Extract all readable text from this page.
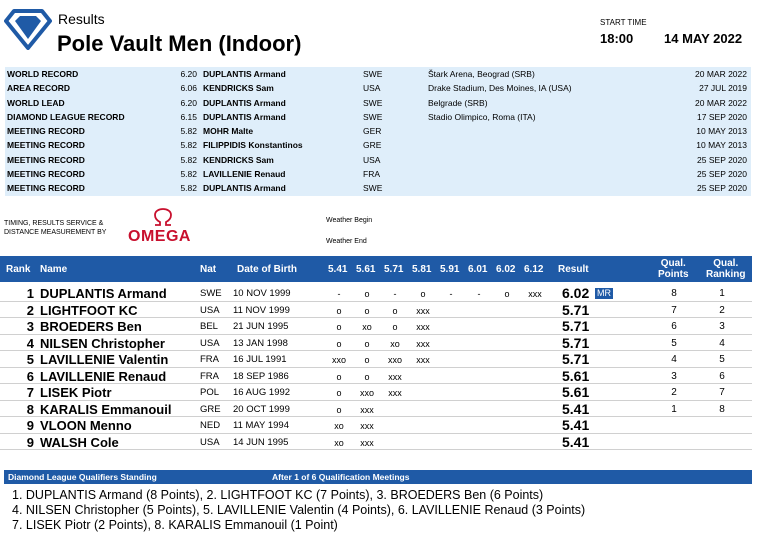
Results
Pole Vault Men (Indoor)
START TIME
18:00 14 MAY 2022
WORLD RECORD	6.20 DUPLANTIS Armand	SWE	Štark Arena, Beograd (SRB)	20 MAR 2022
AREA RECORD	6.06 KENDRICKS Sam	USA	Drake Stadium, Des Moines, IA (USA)	27 JUL 2019
WORLD LEAD	6.20 DUPLANTIS Armand	SWE	Belgrade (SRB)	20 MAR 2022
DIAMOND LEAGUE RECORD	6.15 DUPLANTIS Armand	SWE	Stadio Olimpico, Roma (ITA)	17 SEP 2020
MEETING RECORD	5.82 MOHR Malte	GER	10 MAY 2013
MEETING RECORD	5.82 FILIPPIDIS Konstantinos	GRE	10 MAY 2013
MEETING RECORD	5.82 KENDRICKS Sam	USA	25 SEP 2020
MEETING RECORD	5.82 LAVILLENIE Renaud	FRA	25 SEP 2020
MEETING RECORD	5.82 DUPLANTIS Armand	SWE	25 SEP 2020
TIMING, RESULTS SERVICE &
DISTANCE MEASUREMENT BY OMEGA
Weather Begin
Weather End
Rank Name	Nat Date of Birth	5.41 5.61 5.71 5.81 5.91 6.01 6.02 6.12 Result
Qual.
Points
Qual.
Ranking
1 DUPLANTIS Armand	SWE 10 NOV 1999	-	o	-	o	-	-	o	xxx	6.02 MR	8	1
2 LIGHTFOOT KC	USA 11 NOV 1999	o	o	o	xxx	5.71	7	2
3 BROEDERS Ben	BEL 21 JUN 1995	o	xo	o	xxx	5.71	6	3
4 NILSEN Christopher	USA 13 JAN 1998	o	o	xo	xxx	5.71	5	4
5 LAVILLENIE Valentin	FRA 16 JUL 1991	xxo	o	xxo	xxx	5.71	4	5
6 LAVILLENIE Renaud	FRA 18 SEP 1986	o	o	xxx	5.61	3	6
7 LISEK Piotr	POL 16 AUG 1992	o	xxo	xxx	5.61	2	7
8 KARALIS Emmanouil	GRE 20 OCT 1999	o	xxx	5.41	1	8
9 VLOON Menno	NED 11 MAY 1994	xo	xxx	5.41
9 WALSH Cole	USA 14 JUN 1995	xo	xxx	5.41
Diamond League Qualifiers Standing	After 1 of 6 Qualification Meetings
1. DUPLANTIS Armand (8 Points), 2. LIGHTFOOT KC (7 Points), 3. BROEDERS Ben (6 Points)
4. NILSEN Christopher (5 Points), 5. LAVILLENIE Valentin (4 Points), 6. LAVILLENIE Renaud (3 Points)
7. LISEK Piotr (2 Points), 8. KARALIS Emmanouil (1 Point)
